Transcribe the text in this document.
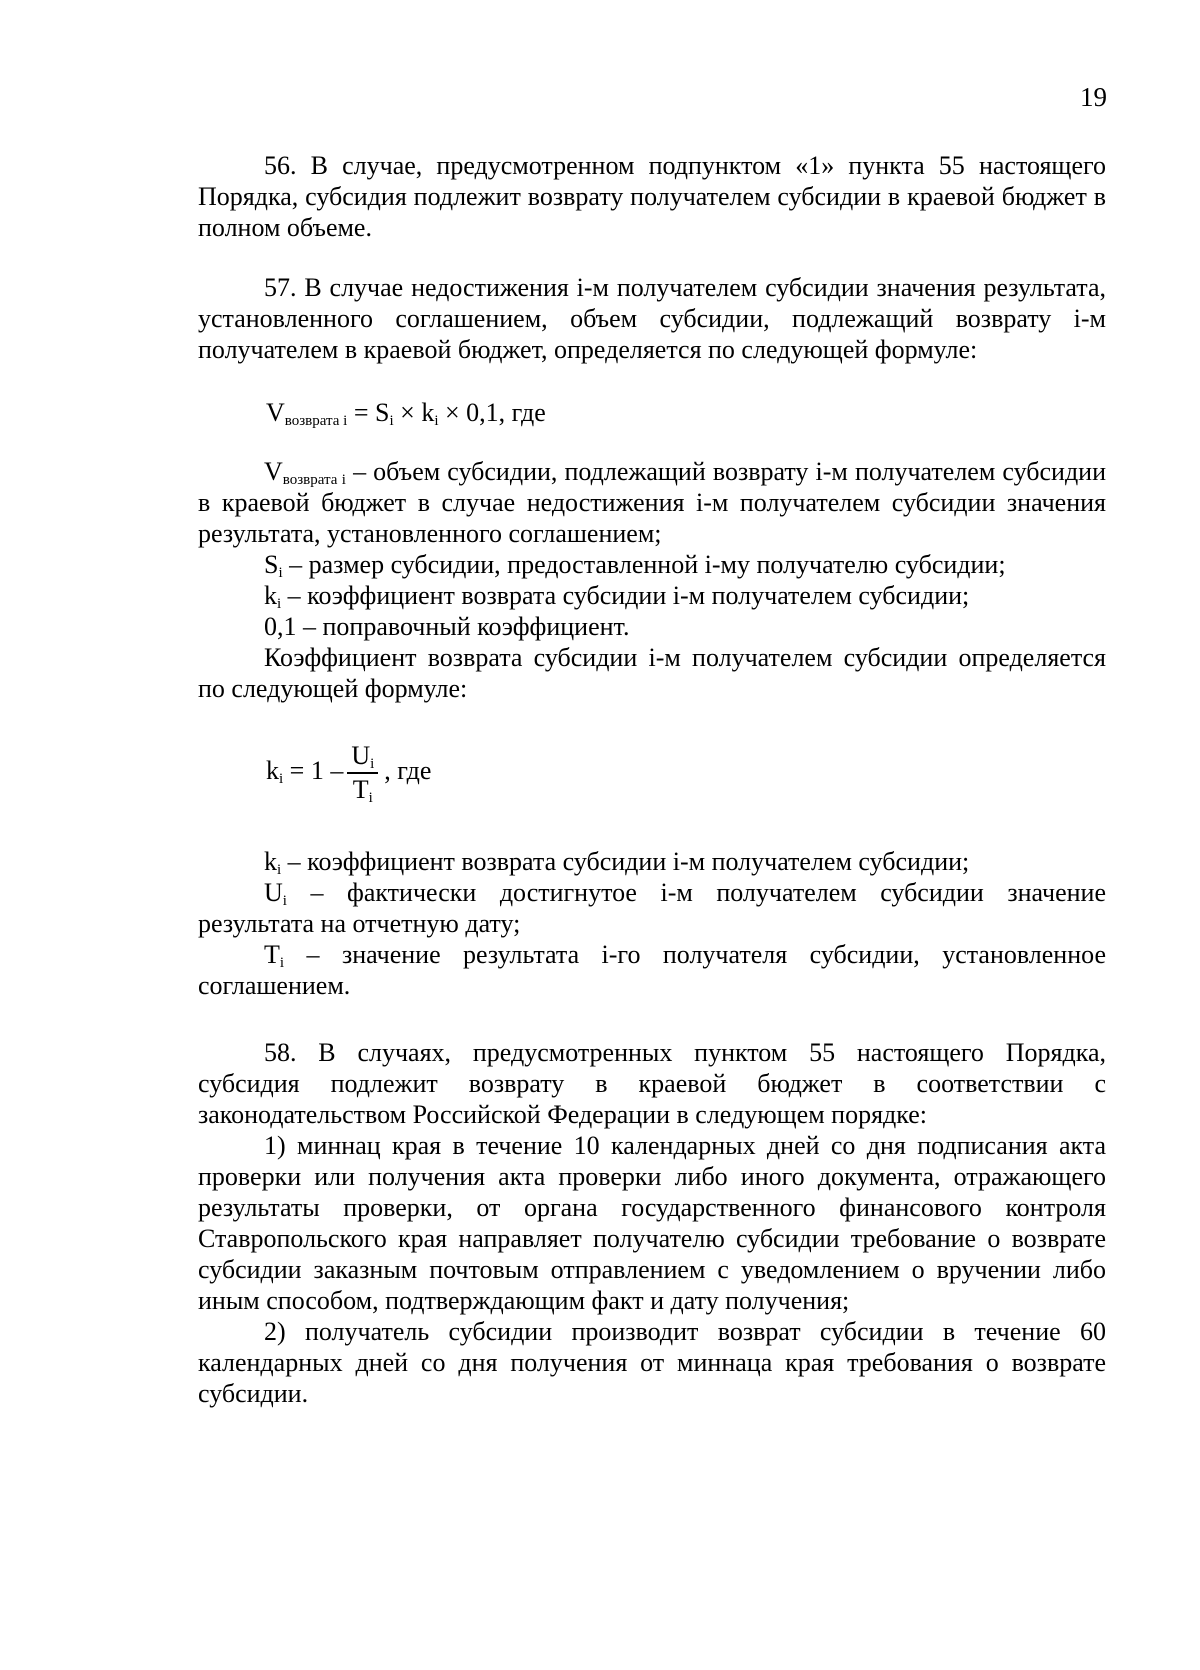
19

56. В случае, предусмотренном подпунктом «1» пункта 55 настоящего Порядка, субсидия подлежит возврату получателем субсидии в краевой бюджет в полном объеме.

57. В случае недостижения i-м получателем субсидии значения результата, установленного соглашением, объем субсидии, подлежащий возврату i-м получателем в краевой бюджет, определяется по следующей формуле:

$V_{возврата i} = S_i \times k_i \times 0,1$, где

$V_{возврата i}$ – объем субсидии, подлежащий возврату i-м получателем субсидии в краевой бюджет в случае недостижения i-м получателем субсидии значения результата, установленного соглашением;

$S_i$ – размер субсидии, предоставленной i-му получателю субсидии;

$k_i$ – коэффициент возврата субсидии i-м получателем субсидии;

0,1 – поправочный коэффициент.

Коэффициент возврата субсидии i-м получателем субсидии определяется по следующей формуле:

$k_i = 1 - \frac{U_i}{T_i}$ , где

$k_i$ – коэффициент возврата субсидии i-м получателем субсидии;

$U_i$ – фактически достигнутое i-м получателем субсидии значение результата на отчетную дату;

$T_i$ – значение результата i-го получателя субсидии, установленное соглашением.

58. В случаях, предусмотренных пунктом 55 настоящего Порядка, субсидия подлежит возврату в краевой бюджет в соответствии с законодательством Российской Федерации в следующем порядке:

1) миннац края в течение 10 календарных дней со дня подписания акта проверки или получения акта проверки либо иного документа, отражающего результаты проверки, от органа государственного финансового контроля Ставропольского края направляет получателю субсидии требование о возврате субсидии заказным почтовым отправлением с уведомлением о вручении либо иным способом, подтверждающим факт и дату получения;

2) получатель субсидии производит возврат субсидии в течение 60 календарных дней со дня получения от миннаца края требования о возврате субсидии.
